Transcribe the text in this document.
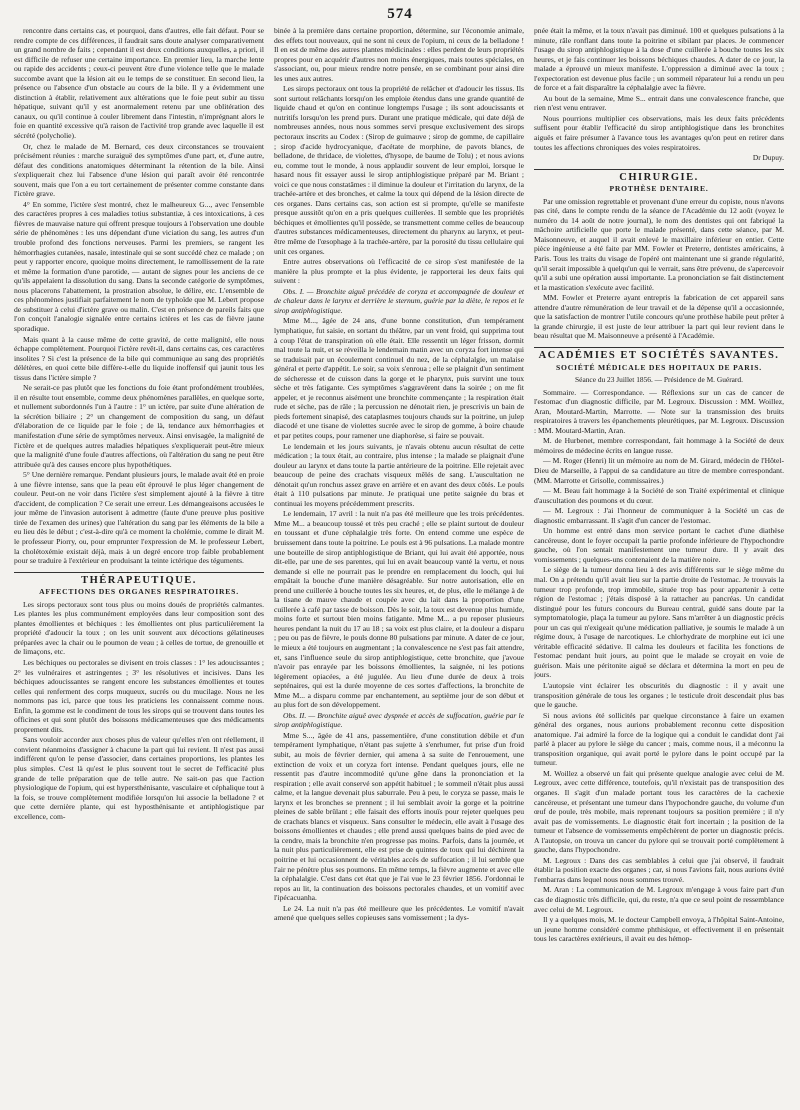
574

rencontre dans certains cas, et pourquoi, dans d'autres, elle fait défaut. Pour se rendre compte de ces différences, il faudrait sans doute analyser comparativement un grand nombre de faits ; cependant il est deux conditions auxquelles, a priori, il est difficile de refuser une certaine importance. En premier lieu, la marche lente ou rapide des accidents ; ceux-ci peuvent être d'une violence telle que le malade succombe avant que la lésion ait eu le temps de se constituer. En second lieu, la présence ou l'absence d'un obstacle au cours de la bile. Il y a évidemment une distinction à établir, relativement aux altérations que le foie peut subir au tissu hépatique, suivant qu'il y est anormalement retenu par une oblitération des canaux, ou qu'il continue à couler librement dans l'intestin, n'imprégnant alors le foie en quantité excessive qu'à raison de l'activité trop grande avec laquelle il est sécrété (polycholie).

Or, chez le malade de M. Bernard, ces deux circonstances se trouvaient précisément réunies : marche suraiguë des symptômes d'une part, et, d'une autre, défaut des conditions anatomiques déterminant la rétention de la bile. Ainsi s'expliquerait chez lui l'absence d'une lésion qui paraît avoir été rencontrée souvent, mais que l'on a eu tort certainement de présenter comme constante dans l'ictère grave.

4° En somme, l'ictère s'est montré, chez le malheureux G..., avec l'ensemble des caractères propres à ces maladies totius substantiæ, à ces intoxications, à ces fièvres de mauvaise nature qui offrent presque toujours à l'observation une double série de phénomènes : les uns dépendant d'une viciation du sang, les autres d'un trouble profond des fonctions nerveuses. Parmi les premiers, se rangent les hémorrhagies cutanées, nasale, intestinale qui se sont succédé chez ce malade ; on peut y rapporter encore, quoique moins directement, le ramollissement de la rate et même la formation d'une parotide, — autant de signes pour les anciens de ce qu'ils appelaient la dissolution du sang. Dans la seconde catégorie de symptômes, nous placerons l'abattement, la prostration absolue, le délire, etc. L'ensemble de ces phénomènes justifiait parfaitement le nom de typhoïde que M. Lebert propose de substituer à celui d'ictère grave ou malin. C'est en présence de pareils faits que l'on conçoit l'analogie signalée entre certains ictères et les cas de fièvre jaune sporadique.

Mais quant à la cause même de cette gravité, de cette malignité, elle nous échappe complètement. Pourquoi l'ictère revêt-il, dans certains cas, ces caractères insolites ? Si c'est la présence de la bile qui communique au sang des propriétés délétères, en quoi cette bile diffère-t-elle du liquide inoffensif qui jaunit tous les tissus dans l'ictère simple ?

Ne serait-ce pas plutôt que les fonctions du foie étant profondément troublées, il en résulte tout ensemble, comme deux phénomènes parallèles, en quelque sorte, et nullement subordonnés l'un à l'autre : 1° un ictère, par suite d'une altération de la sécrétion biliaire ; 2° un changement de composition du sang, un défaut d'élaboration de ce liquide par le foie ; de là, tendance aux hémorrhagies et manifestation d'une série de symptômes nerveux. Ainsi envisagée, la malignité de l'ictère et de quelques autres maladies hépatiques s'expliquerait peut-être mieux que la malignité d'une foule d'autres affections, où l'altération du sang ne peut être attribuée qu'à des causes encore plus hypothétiques.

5° Une dernière remarque. Pendant plusieurs jours, le malade avait été en proie à une fièvre intense, sans que la peau eût éprouvé le plus léger changement de couleur. Peut-on ne voir dans l'ictère s'est simplement ajouté à la fièvre à titre d'accident, de complication ? Ce serait une erreur. Les démangeaisons accusées le jour même de l'invasion autorisent à admettre (faute d'une preuve plus positive tirée de l'examen des urines) que l'altération du sang par les éléments de la bile a eu lieu dès le début ; c'est-à-dire qu'à ce moment la cholémie, comme le dirait M. le professeur Piorry, ou, pour emprunter l'expression de M. le professeur Lebert, la cholétoxémie existait déjà, mais à un degré encore trop faible probablement pour se traduire à l'extérieur en produisant la teinte ictérique des téguments.

THÉRAPEUTIQUE.
AFFECTIONS DES ORGANES RESPIRATOIRES.

Les sirops pectoraux sont tous plus ou moins doués de propriétés calmantes. Les plantes les plus communément employées dans leur composition sont des plantes émollientes et béchiques : les émollientes ont plus particulièrement la propriété d'adoucir la toux ; on les unit souvent aux décoctions gélatineuses préparées avec la chair ou le poumon de veau ; à celles de tortue, de grenouille et de limaçons, etc.

Les béchiques ou pectorales se divisent en trois classes : 1° les adoucissantes ; 2° les vulnéraires et astringentes ; 3° les résolutives et incisives. Dans les béchiques adoucissantes se rangent encore les substances émollientes et toutes celles qui renferment des corps muqueux, sucrés ou du mucilage. Nous ne les nommons pas ici, parce que tous les praticiens les connaissent comme nous. Enfin, la gomme est le condiment de tous les sirops qui se trouvent dans toutes les officines et qui sont plutôt des boissons médicamenteuses que des médicaments proprement dits.

Sans vouloir accorder aux choses plus de valeur qu'elles n'en ont réellement, il convient néanmoins d'assigner à chacune la part qui lui revient. Il n'est pas aussi indifférent qu'on le pense d'associer, dans certaines proportions, les plantes les plus simples. C'est là qu'est le plus souvent tout le secret de l'efficacité plus grande de telle préparation que de telle autre. Ne sait-on pas que l'action physiologique de l'opium, qui est hypersthénisante, vasculaire et céphalique tout à la fois, se trouve complètement modifiée lorsqu'on lui associe la belladone ? et que cette dernière plante, qui est hyposthénisante et antiphlogistique par excellence, com-

binée à la première dans certaine proportion, détermine, sur l'économie animale, des effets tout nouveaux, qui ne sont ni ceux de l'opium, ni ceux de la belladone ! Il en est de même des autres plantes médicinales : elles perdent de leurs propriétés propres pour en acquérir d'autres non moins énergiques, mais toutes spéciales, en s'associant, ou, pour mieux rendre notre pensée, en se combinant pour ainsi dire les unes aux autres.

Les sirops pectoraux ont tous la propriété de relâcher et d'adoucir les tissus. Ils sont surtout relâchants lorsqu'on les emploie étendus dans une grande quantité de liquide chaud et qu'on en continue longtemps l'usage ; ils sont adoucissants et nutritifs lorsqu'on les prend purs. Durant une pratique médicale, qui date déjà de nombreuses années, nous nous sommes servi presque exclusivement des sirops pectoraux inscrits au Codex : (Sirop de guimauve ; sirop de gomme, de capillaire ; sirop d'acide hydrocyanique, d'acétate de morphine, de pavots blancs, de belladone, de thridace, de violettes, d'hysope, de baume de Tolu) ; et nous avions eu, comme tout le monde, à nous applaudir souvent de leur emploi, lorsque le hasard nous fit essayer aussi le sirop antiphlogistique préparé par M. Briant ; voici ce que nous constatâmes : il diminue la douleur et l'irritation du larynx, de la trachée-artère et des bronches, et calme la toux qui dépend de la lésion directe de ces organes. Dans certains cas, son action est si prompte, qu'elle se manifeste presque aussitôt qu'on en a pris quelques cuillerées. Il semble que les propriétés béchiques et émollientes qu'il possède, se transmettent comme celles de beaucoup d'autres substances médicamenteuses, directement du pharynx au larynx, et peut-être même de l'œsophage à la trachée-artère, par la porosité du tissu cellulaire qui unit ces organes.

Entre autres observations où l'efficacité de ce sirop s'est manifestée de la manière la plus prompte et la plus évidente, je rapporterai les deux faits qui suivent :

Obs. I. — Bronchite aiguë précédée de coryza et accompagnée de douleur et de chaleur dans le larynx et derrière le sternum, guérie par la diète, le repos et le sirop antiphlogistique.

Mme M..., âgée de 24 ans, d'une bonne constitution, d'un tempérament lymphatique, fut saisie, en sortant du théâtre, par un vent froid, qui supprima tout à coup l'état de transpiration où elle était. Elle ressentit un léger frisson, dormit mal toute la nuit, et se réveilla le lendemain matin avec un coryza fort intense qui se traduisait par un écoulement continuel du nez, de la céphalalgie, un malaise général et perte d'appétit. Le soir, sa voix s'enroua ; elle se plaignit d'un sentiment de sécheresse et de cuisson dans la gorge et le pharynx, puis survint une toux sèche et très fatigante. Ces symptômes s'aggravèrent dans la soirée ; on me fit appeler, et je reconnus aisément une bronchite commençante ; la respiration était rude et sèche, pas de râle ; la percussion ne dénotait rien, je prescrivis un bain de pieds fortement sinapisé, des cataplasmes toujours chauds sur la poitrine, un julep diacodé et une tisane de violettes sucrée avec le sirop de gomme, à boire chaude et par petites coups, pour ramener une diaphorèse, si faire se pouvait.

Le lendemain et les jours suivants, je n'avais obtenu aucun résultat de cette médication ; la toux était, au contraire, plus intense ; la malade se plaignait d'une douleur au larynx et dans toute la partie antérieure de la poitrine. Elle rejetait avec beaucoup de peine des crachats visqueux mêlés de sang. L'auscultation ne dénotait qu'un ronchus assez grave en arrière et en avant des deux côtés. Le pouls était à 110 pulsations par minute. Je pratiquai une petite saignée du bras et continuai les moyens précédemment prescrits.

Le lendemain, 17 avril : la nuit n'a pas été meilleure que les trois précédentes. Mme M... a beaucoup toussé et très peu craché ; elle se plaint surtout de douleur en toussant et d'une céphalalgie très forte. On entend comme une espèce de bruissement dans toute la poitrine. Le pouls est à 96 pulsations. La malade montre une bouteille de sirop antiphlogistique de Briant, qui lui avait été apportée, nous dit-elle, par une de ses parentes, qui lui en avait beaucoup vanté la vertu, et nous demande si elle ne pourrait pas le prendre en remplacement du looch, qui lui empâtait la bouche d'une manière désagréable. Sur notre autorisation, elle en prend une cuillerée à bouche toutes les six heures, et, de plus, elle le mélange à de la tisane de mauve chaude et coupée avec du lait dans la proportion d'une cuillerée à café par tasse de boisson. Dès le soir, la toux est devenue plus humide, moins forte et surtout bien moins fatigante. Mme M... a pu reposer plusieurs heures pendant la nuit du 17 au 18 ; sa voix est plus claire, et la douleur a disparu ; peu ou pas de fièvre, le pouls donne 80 pulsations par minute. A dater de ce jour, le mieux a été toujours en augmentant ; la convalescence ne s'est pas fait attendre, et, sans l'influence seule du sirop antiphlogistique, cette bronchite, que j'avoue n'avoir pas enrayée par les boissons émollientes, la saignée, ni les potions légèrement opiacées, a été jugulée. Au lieu d'une durée de deux à trois septénaires, qui est la durée moyenne de ces sortes d'affections, la bronchite de Mme M... a disparu comme par enchantement, au septième jour de son début et au plus fort de son développement.

Obs. II. — Bronchite aiguë avec dyspnée et accès de suffocation, guérie par le sirop antiphlogistique.

Mme S..., âgée de 41 ans, passementière, d'une constitution débile et d'un tempérament lymphatique, n'étant pas sujette à s'enrhumer, fut prise d'un froid subit, au mois de février dernier, qui amena à sa suite de l'enrouement, une extinction de voix et un coryza fort intense. Pendant quelques jours, elle ne ressentit pas d'autre incommodité qu'une gêne dans la prononciation et la respiration ; elle avait conservé son appétit habituel ; le sommeil n'était plus aussi calme, et la langue devenait plus saburrale. Peu à peu, le coryza se passe, mais le larynx et les bronches se prennent ; il lui semblait avoir la gorge et la poitrine pleines de sable brûlant ; elle faisait des efforts inouïs pour rejeter quelques peu de crachats blancs et visqueux. Sans consulter le médecin, elle avait à l'usage des boissons émollientes et chaudes ; elle prend aussi quelques bains de pied avec de la cendre, mais la bronchite n'en progresse pas moins. Parfois, dans la journée, et la nuit plus particulièrement, elle est prise de quintes de toux qui lui déchirent la poitrine et lui occasionnent de véritables accès de suffocation ; il lui semble que l'air ne pénètre plus ses poumons. En même temps, la fièvre augmente et avec elle la céphalalgie. C'est dans cet état que je l'ai vue le 23 février 1856. J'ordonnai le repos au lit, la continuation des boissons pectorales chaudes, et un vomitif avec l'ipécacuanha.

Le 24. La nuit n'a pas été meilleure que les précédentes. Le vomitif n'avait amené que quelques selles copieuses sans vomissement ; la dys-

pnée était la même, et la toux n'avait pas diminué. 100 et quelques pulsations à la minute, râle ronflant dans toute la poitrine et sibilant par places. Je commencer l'usage du sirop antiphlogistique à la dose d'une cuillerée à bouche toutes les six heures, et je fais continuer les boissons béchiques chaudes. A dater de ce jour, la malade a éprouvé un mieux manifeste. L'oppression a diminué avec la toux ; l'expectoration est devenue plus facile ; un sommeil réparateur lui a rendu un peu de force et a fait disparaître la céphalalgie avec la fièvre.

Au bout de la semaine, Mme S... entrait dans une convalescence franche, que rien n'est venu entraver.

Nous pourrions multiplier ces observations, mais les deux faits précédents suffisent pour établir l'efficacité du sirop antiphlogistique dans les bronchites aiguës et faire présumer à l'avance tous les avantages qu'on peut en retirer dans toutes les affections chroniques des voies respiratoires.

Dr Dupuy.
CHIRURGIE.
PROTHÈSE DENTAIRE.

Par une omission regrettable et provenant d'une erreur du copiste, nous n'avons pas cité, dans le compte rendu de la séance de l'Académie du 12 août (voyez le numéro du 14 août de notre journal), le nom des dentistes qui ont fabriqué la mâchoire artificielle que porte le malade présenté, dans cette séance, par M. Maisonneuve, et auquel il avait enlevé le maxillaire inférieur en entier. Cette pièce ingénieuse a été faite par MM. Fowler et Preterre, dentistes américains, à Paris. Tous les traits du visage de l'opéré ont maintenant une si grande régularité, qu'il serait impossible à quelqu'un qui le verrait, sans être prévenu, de s'apercevoir qu'il a subi une opération aussi importante. La prononciation se fait distinctement et la mastication s'exécute avec facilité.

MM. Fowler et Preterre ayant entrepris la fabrication de cet appareil sans attendre d'autre rémunération de leur travail et de la dépense qu'il a occasionnée, que la satisfaction de montrer l'utile concours qu'une prothèse habile peut prêter à la grande chirurgie, il est juste de leur attribuer la part qui leur revient dans le beau résultat que M. Maisonneuve a présenté à l'Académie.

ACADÉMIES ET SOCIÉTÉS SAVANTES.
SOCIÉTÉ MÉDICALE DES HOPITAUX DE PARIS.
Séance du 23 Juillet 1856. — Présidence de M. Guérard.

Sommaire. — Correspondance. — Réflexions sur un cas de cancer de l'estomac d'un diagnostic difficile, par M. Legroux. Discussion : MM. Woillez, Aran, Moutard-Martin, Marrotte. — Note sur la transmission des bruits respiratoires à travers les épanchements pleurétiques, par M. Legroux. Discussion : MM. Moutard-Martin, Aran.

M. de Hurbenet, membre correspondant, fait hommage à la Société de deux mémoires de médecine écrits en langue russe.

— M. Roger (Henri) lit un mémoire au nom de M. Girard, médecin de l'Hôtel-Dieu de Marseille, à l'appui de sa candidature au titre de membre correspondant. (MM. Marrotte et Grisolle, commissaires.)

— M. Beau fait hommage à la Société de son Traité expérimental et clinique d'auscultation des poumons et du cœur.

— M. Legroux : J'ai l'honneur de communiquer à la Société un cas de diagnostic embarrassant. Il s'agit d'un cancer de l'estomac.

Un homme est entré dans mon service portant le cachet d'une diathèse cancéreuse, dont le foyer occupait la partie profonde inférieure de l'hypochondre gauche, où l'on sentait manifestement une tumeur dure. Il y avait des vomissements ; quelques-uns contenaient de la matière noire.

Le siège de la tumeur donna lieu à des avis différents sur le siège même du mal. On a prétendu qu'il avait lieu sur la partie droite de l'estomac. Je trouvais la tumeur trop profonde, trop immobile, située trop bas pour appartenir à cette région de l'estomac ; j'étais disposé à la rattacher au pancréas. Un candidat distingué pour les futurs concours du Bureau central, guidé sans doute par la symptomatologie, plaça la tumeur au pylore. Sans m'arrêter à un diagnostic précis pour un cas qui n'exigeait qu'une médication palliative, je soumis le malade à un régime doux, à l'usage de narcotiques. Le chlorhydrate de morphine eut ici une véritable efficacité sédative. Il calma les douleurs et facilita les fonctions de l'estomac pendant huit jours, au point que le malade se croyait en voie de guérison. Mais une péritonite aiguë se déclara et détermina la mort en peu de jours.

L'autopsie vint éclairer les obscurités du diagnostic : il y avait une transposition générale de tous les organes ; le testicule droit descendait plus bas que le gauche.

Si nous avions été sollicités par quelque circonstance à faire un examen général des organes, nous aurions probablement reconnu cette disposition anatomique. J'ai admiré la force de la logique qui a conduit le candidat dont j'ai parlé à placer au pylore le siège du cancer ; mais, comme nous, il a méconnu la transposition organique, qui avait porté le pylore dans le point occupé par la tumeur.

M. Woillez a observé un fait qui présente quelque analogie avec celui de M. Legroux, avec cette différence, toutefois, qu'il n'existait pas de transposition des organes. Il s'agit d'un malade portant tous les caractères de la cachexie cancéreuse, et présentant une tumeur dans l'hypochondre gauche, du volume d'un œuf de poule, très mobile, mais reprenant toujours sa position première ; il n'y avait pas de vomissements. Le diagnostic était fort incertain ; la position de la tumeur et l'absence de vomissements empêchèrent de porter un diagnostic précis. A l'autopsie, on trouva un cancer du pylore qui se trouvait porté complètement à gauche, dans l'hypochondre.

M. Legroux : Dans des cas semblables à celui que j'ai observé, il faudrait établir la position exacte des organes ; car, si nous l'avions fait, nous aurions évité l'embarras dans lequel nous nous sommes trouvé.

M. Aran : La communication de M. Legroux m'engage à vous faire part d'un cas de diagnostic très difficile, qui, du reste, n'a que ce seul point de ressemblance avec celui de M. Legroux.

Il y a quelques mois, M. le docteur Campbell envoya, à l'hôpital Saint-Antoine, un jeune homme considéré comme phthisique, et effectivement il en présentait tous les caractères extérieurs, il avait eu des hémop-
